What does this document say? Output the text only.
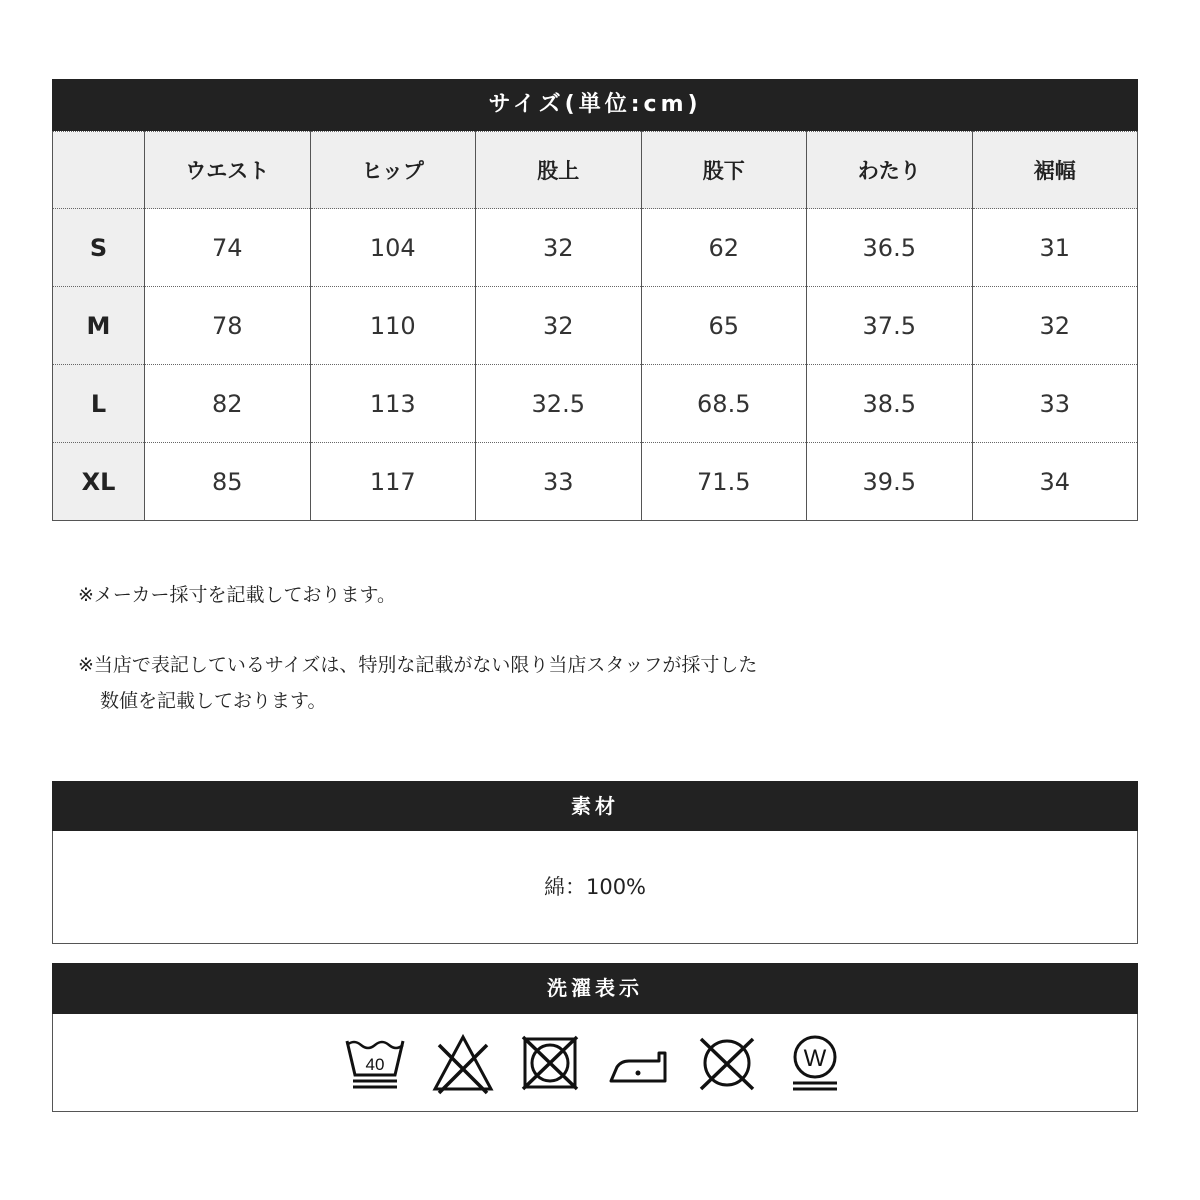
サイズ(単位:cm)
	ウエスト	ヒップ	股上	股下	わたり	裾幅
S	74	104	32	62	36.5	31
M	78	110	32	65	37.5	32
L	82	113	32.5	68.5	38.5	33
XL	85	117	33	71.5	39.5	34
※メーカー採寸を記載しております。
※当店で表記しているサイズは、特別な記載がない限り当店スタッフが採寸した
数値を記載しております。
素材
綿：100%
洗濯表示
40	W
